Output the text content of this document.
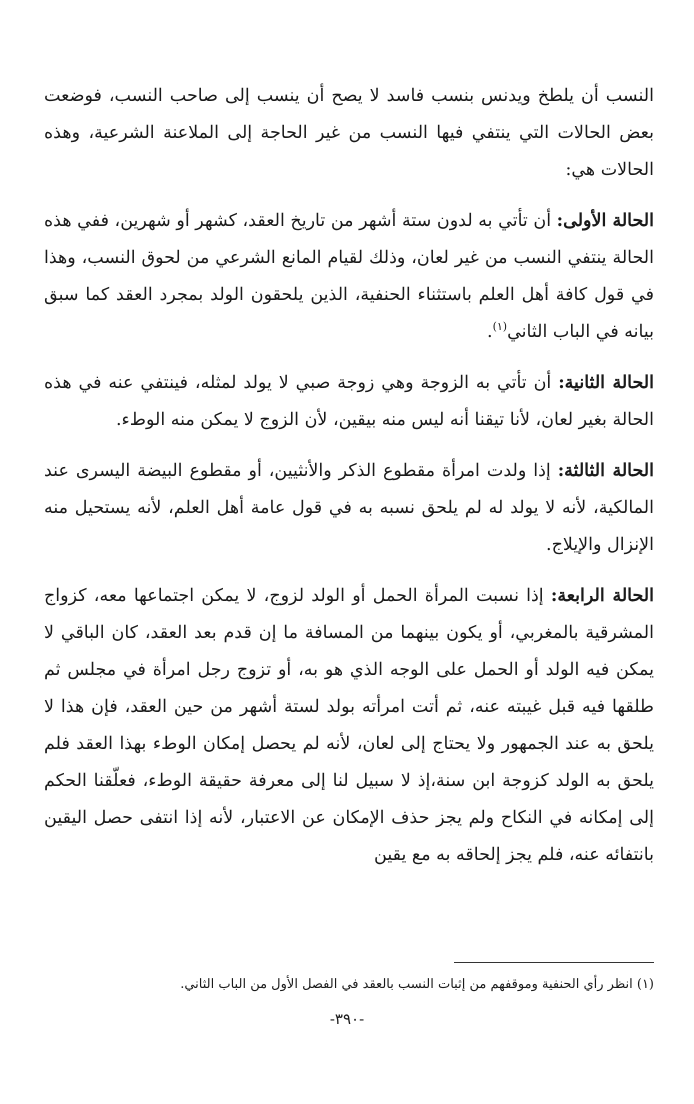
النسب أن يلطخ ويدنس بنسب فاسد لا يصح أن ينسب إلى صاحب النسب، فوضعت بعض الحالات التي ينتفي فيها النسب من غير الحاجة إلى الملاعنة الشرعية، وهذه الحالات هي:

الحالة الأولى: أن تأتي به لدون ستة أشهر من تاريخ العقد، كشهر أو شهرين، ففي هذه الحالة ينتفي النسب من غير لعان، وذلك لقيام المانع الشرعي من لحوق النسب، وهذا في قول كافة أهل العلم باستثناء الحنفية، الذين يلحقون الولد بمجرد العقد كما سبق بيانه في الباب الثاني$^{(١)}$.

الحالة الثانية: أن تأتي به الزوجة وهي زوجة صبي لا يولد لمثله، فينتفي عنه في هذه الحالة بغير لعان، لأنا تيقنا أنه ليس منه بيقين، لأن الزوج لا يمكن منه الوطء.

الحالة الثالثة: إذا ولدت امرأة مقطوع الذكر والأنثيين، أو مقطوع البيضة اليسرى عند المالكية، لأنه لا يولد له لم يلحق نسبه به في قول عامة أهل العلم، لأنه يستحيل منه الإنزال والإيلاج.

الحالة الرابعة: إذا نسبت المرأة الحمل أو الولد لزوج، لا يمكن اجتماعها معه، كزواج المشرقية بالمغربي، أو يكون بينهما من المسافة ما إن قدم بعد العقد، كان الباقي لا يمكن فيه الولد أو الحمل على الوجه الذي هو به، أو تزوج رجل امرأة في مجلس ثم طلقها فيه قبل غيبته عنه، ثم أتت امرأته بولد لستة أشهر من حين العقد، فإن هذا لا يلحق به عند الجمهور ولا يحتاج إلى لعان، لأنه لم يحصل إمكان الوطء بهذا العقد فلم يلحق به الولد كزوجة ابن سنة،إذ لا سبيل لنا إلى معرفة حقيقة الوطء، فعلّقنا الحكم إلى إمكانه في النكاح ولم يجز حذف الإمكان عن الاعتبار، لأنه إذا انتفى حصل اليقين بانتفائه عنه، فلم يجز إلحاقه به مع يقين

(١) انظر رأي الحنفية وموقفهم من إثبات النسب بالعقد في الفصل الأول من الباب الثاني.
-٣٩٠-
